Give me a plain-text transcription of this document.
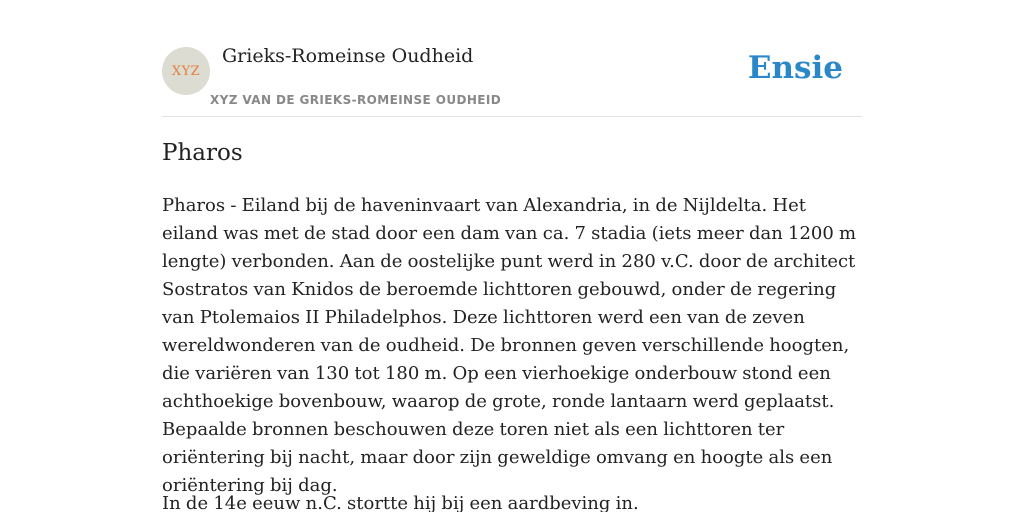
XYZ
Grieks-Romeinse Oudheid
XYZ VAN DE GRIEKS-ROMEINSE OUDHEID
Ensie
Pharos

Pharos - Eiland bij de haveninvaart van Alexandria, in de Nijldelta. Het eiland was met de stad door een dam van ca. 7 stadia (iets meer dan 1200 m lengte) verbonden. Aan de oostelijke punt werd in 280 v.C. door de architect Sostratos van Knidos de beroemde lichttoren gebouwd, onder de regering van Ptolemaios II Philadelphos. Deze lichttoren werd een van de zeven wereldwonderen van de oudheid. De bronnen geven verschillende hoogten, die variëren van 130 tot 180 m. Op een vierhoekige onderbouw stond een achthoekige bovenbouw, waarop de grote, ronde lantaarn werd geplaatst. Bepaalde bronnen beschouwen deze toren niet als een lichttoren ter oriëntering bij nacht, maar door zijn geweldige omvang en hoogte als een oriëntering bij dag.

In de 14e eeuw n.C. stortte hij bij een aardbeving in.
